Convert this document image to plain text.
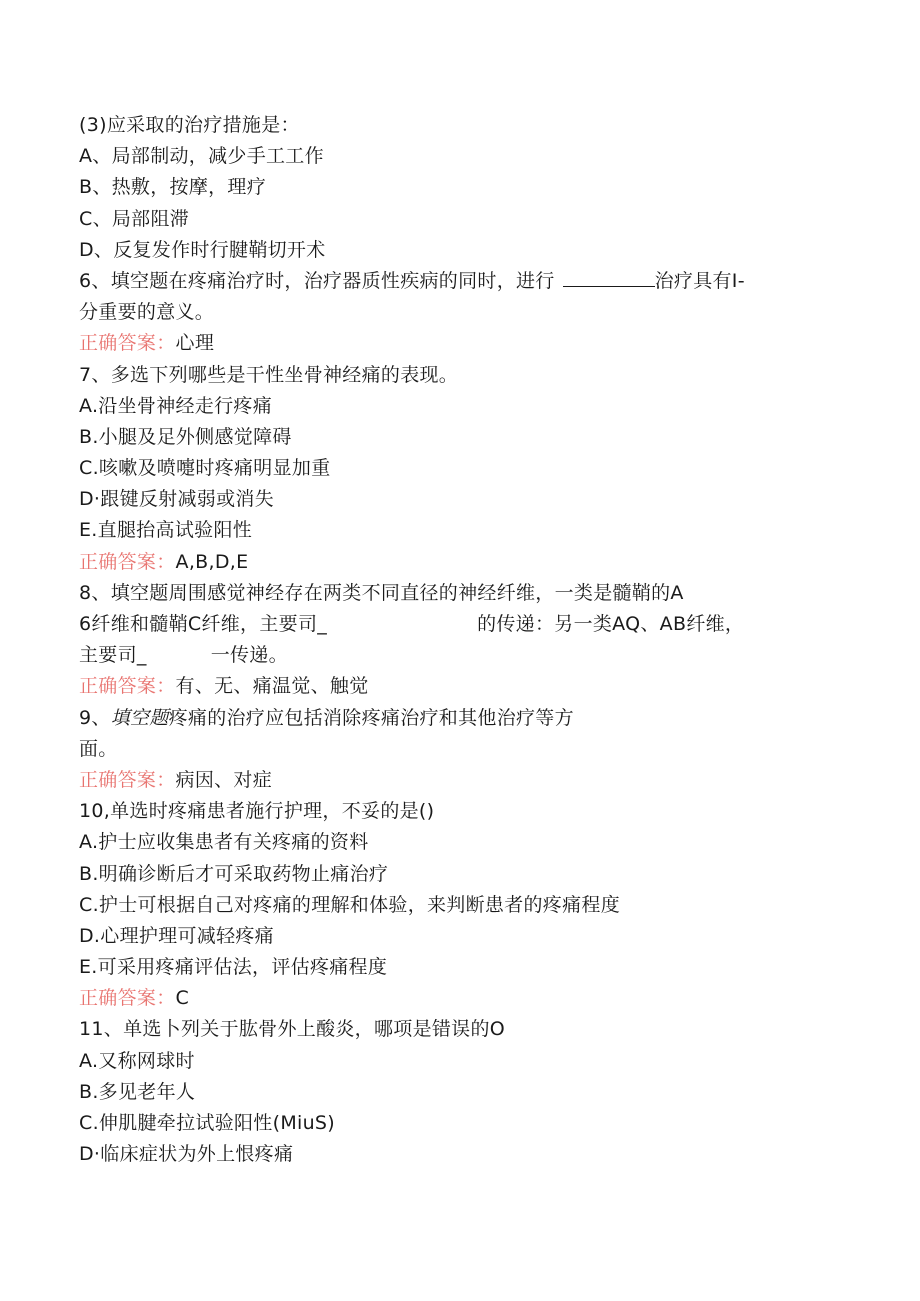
(3)应采取的治疗措施是：
A、局部制动，减少手工工作
B、热敷，按摩，理疗
C、局部阻滞
D、反复发作时行腱鞘切开术
6、填空题在疼痛治疗时，治疗器质性疾病的同时，进行	治疗具有I-
分重要的意义。
正确答案：心理
7、多选下列哪些是干性坐骨神经痛的表现。
A.沿坐骨神经走行疼痛
B.小腿及足外侧感觉障碍
C.咳嗽及喷嚏时疼痛明显加重
D·跟键反射减弱或消失
E.直腿抬高试验阳性
正确答案：A,B,D,E
8、填空题周围感觉神经存在两类不同直径的神经纤维，一类是髓鞘的A
6纤维和髓鞘C纤维，主要司_	的传递：另一类AQ、AB纤维，
主要司_	一传递。
正确答案：有、无、痛温觉、触觉
9、填空题疼痛的治疗应包括消除疼痛治疗和其他治疗等方
面。
正确答案：病因、对症
10,单选时疼痛患者施行护理，不妥的是()
A.护士应收集患者有关疼痛的资料
B.明确诊断后才可采取药物止痛治疗
C.护士可根据自己对疼痛的理解和体验，来判断患者的疼痛程度
D.心理护理可减轻疼痛
E.可采用疼痛评估法，评估疼痛程度
正确答案：C
11、单选卜列关于肱骨外上酸炎，哪项是错误的O
A.又称网球时
B.多见老年人
C.伸肌腱牵拉试验阳性(MiuS)
D·临床症状为外上恨疼痛
